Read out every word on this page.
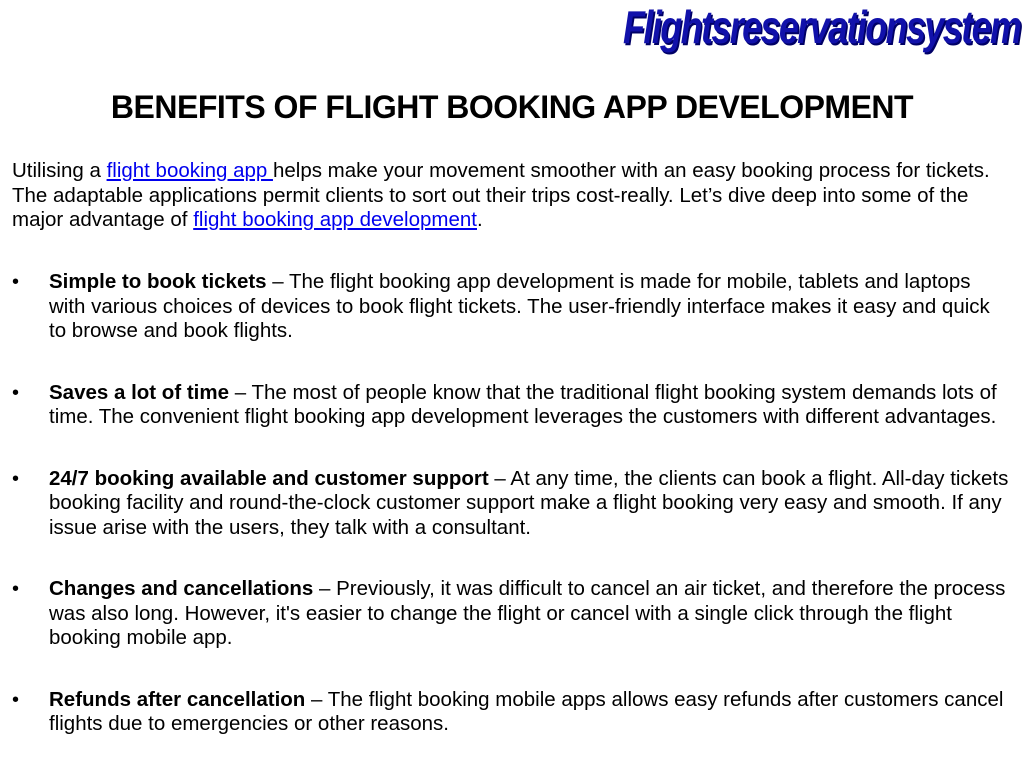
Flightsreservationsystem
BENEFITS OF FLIGHT BOOKING APP DEVELOPMENT

Utilising a flight booking app helps make your movement smoother with an easy booking process for tickets. The adaptable applications permit clients to sort out their trips cost-really. Let’s dive deep into some of the major advantage of flight booking app development.

•	Simple to book tickets – The flight booking app development is made for mobile, tablets and laptops with various choices of devices to book flight tickets. The user-friendly interface makes it easy and quick to browse and book flights.
•	Saves a lot of time – The most of people know that the traditional flight booking system demands lots of time. The convenient flight booking app development leverages the customers with different advantages.
•	24/7 booking available and customer support – At any time, the clients can book a flight. All-day tickets booking facility and round-the-clock customer support make a flight booking very easy and smooth. If any issue arise with the users, they talk with a consultant.
•	Changes and cancellations – Previously, it was difficult to cancel an air ticket, and therefore the process was also long. However, it's easier to change the flight or cancel with a single click through the flight booking mobile app.
•	Refunds after cancellation – The flight booking mobile apps allows easy refunds after customers cancel flights due to emergencies or other reasons.
